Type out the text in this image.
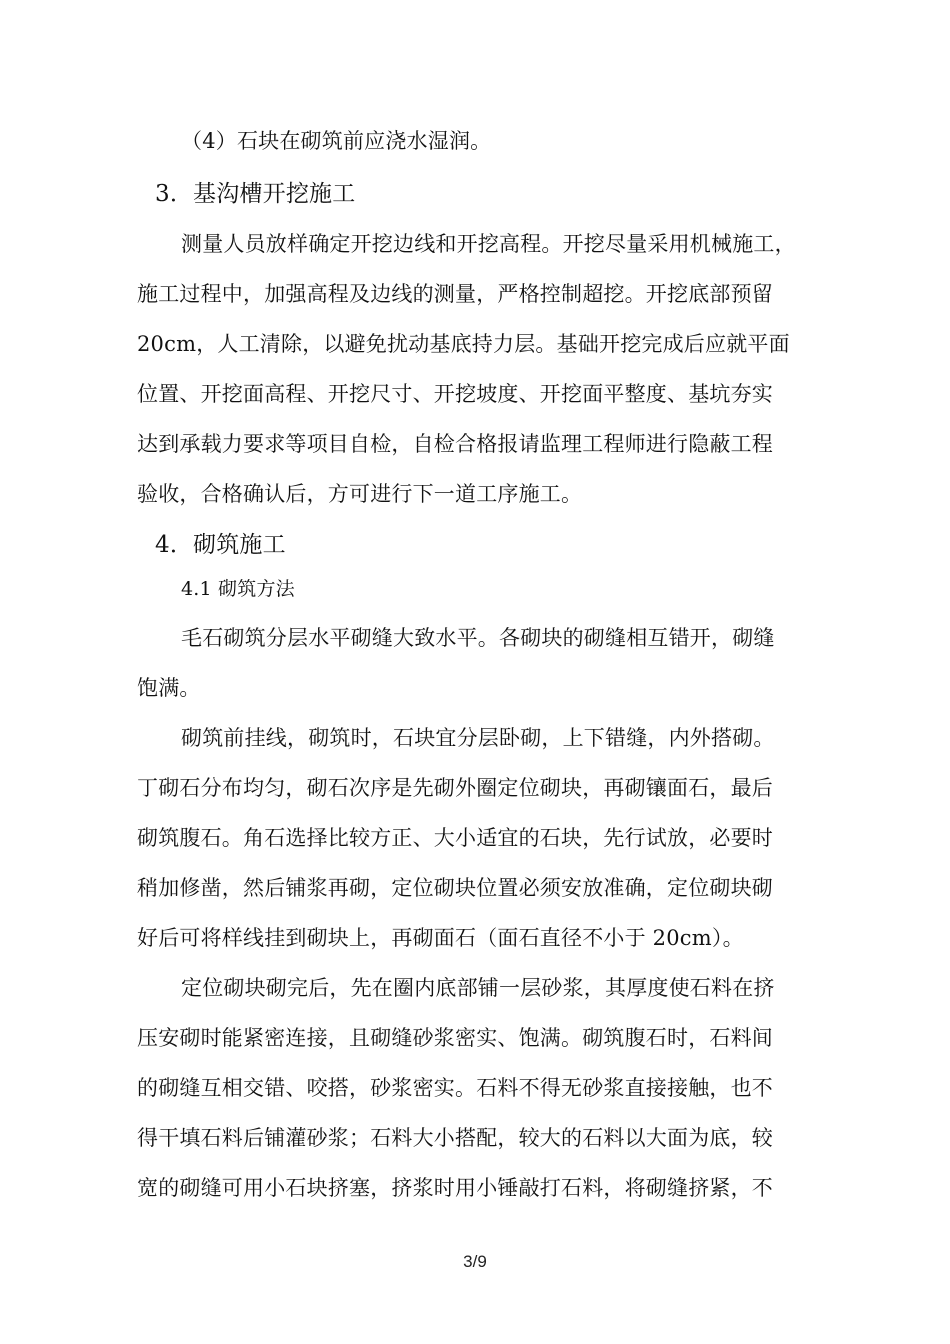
（4）石块在砌筑前应浇水湿润。
3．基沟槽开挖施工
测量人员放样确定开挖边线和开挖高程。开挖尽量采用机械施工，
施工过程中，加强高程及边线的测量，严格控制超挖。开挖底部预留
20cm，人工清除，以避免扰动基底持力层。基础开挖完成后应就平面
位置、开挖面高程、开挖尺寸、开挖坡度、开挖面平整度、基坑夯实
达到承载力要求等项目自检，自检合格报请监理工程师进行隐蔽工程
验收，合格确认后，方可进行下一道工序施工。
4．砌筑施工
4.1 砌筑方法
毛石砌筑分层水平砌缝大致水平。各砌块的砌缝相互错开，砌缝
饱满。
砌筑前挂线，砌筑时，石块宜分层卧砌，上下错缝，内外搭砌。
丁砌石分布均匀，砌石次序是先砌外圈定位砌块，再砌镶面石，最后
砌筑腹石。角石选择比较方正、大小适宜的石块，先行试放，必要时
稍加修凿，然后铺浆再砌，定位砌块位置必须安放准确，定位砌块砌
好后可将样线挂到砌块上，再砌面石（面石直径不小于 20cm）。
定位砌块砌完后，先在圈内底部铺一层砂浆，其厚度使石料在挤
压安砌时能紧密连接，且砌缝砂浆密实、饱满。砌筑腹石时，石料间
的砌缝互相交错、咬搭，砂浆密实。石料不得无砂浆直接接触，也不
得干填石料后铺灌砂浆；石料大小搭配，较大的石料以大面为底，较
宽的砌缝可用小石块挤塞，挤浆时用小锤敲打石料，将砌缝挤紧，不
3/9
